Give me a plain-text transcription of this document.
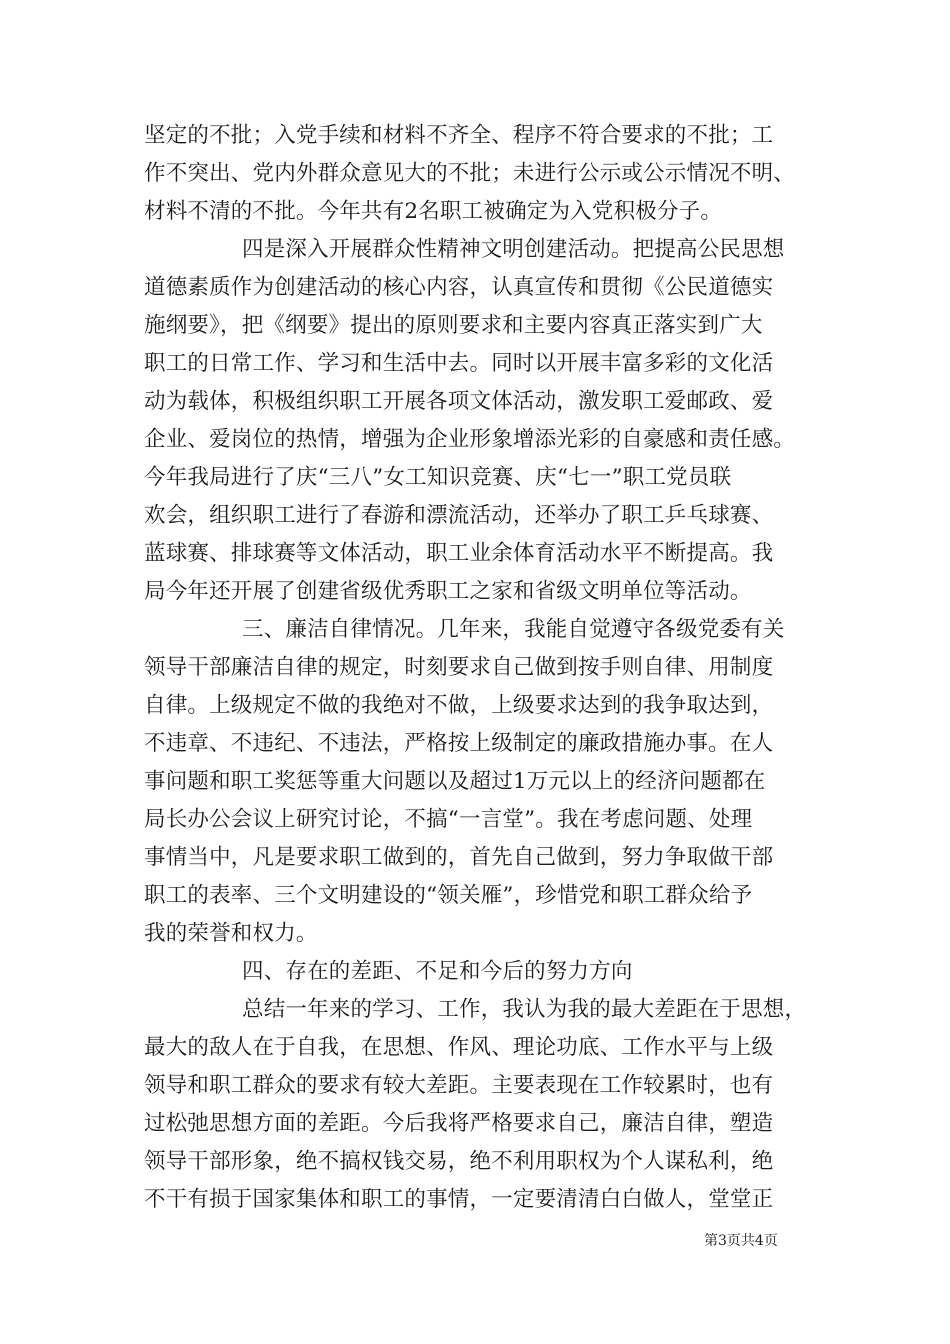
坚定的不批；入党手续和材料不齐全、程序不符合要求的不批；工
作不突出、党内外群众意见大的不批；未进行公示或公示情况不明、
材料不清的不批。今年共有2名职工被确定为入党积极分子。
四是深入开展群众性精神文明创建活动。把提高公民思想
道德素质作为创建活动的核心内容，认真宣传和贯彻《公民道德实
施纲要》，把《纲要》提出的原则要求和主要内容真正落实到广大
职工的日常工作、学习和生活中去。同时以开展丰富多彩的文化活
动为载体，积极组织职工开展各项文体活动，激发职工爱邮政、爱
企业、爱岗位的热情，增强为企业形象增添光彩的自豪感和责任感。
今年我局进行了庆“三八”女工知识竞赛、庆“七一”职工党员联
欢会，组织职工进行了春游和漂流活动，还举办了职工乒乓球赛、
蓝球赛、排球赛等文体活动，职工业余体育活动水平不断提高。我
局今年还开展了创建省级优秀职工之家和省级文明单位等活动。
三、廉洁自律情况。几年来，我能自觉遵守各级党委有关
领导干部廉洁自律的规定，时刻要求自己做到按手则自律、用制度
自律。上级规定不做的我绝对不做，上级要求达到的我争取达到，
不违章、不违纪、不违法，严格按上级制定的廉政措施办事。在人
事问题和职工奖惩等重大问题以及超过1万元以上的经济问题都在
局长办公会议上研究讨论，不搞“一言堂”。我在考虑问题、处理
事情当中，凡是要求职工做到的，首先自己做到，努力争取做干部
职工的表率、三个文明建设的“领关雁”，珍惜党和职工群众给予
我的荣誉和权力。
四、存在的差距、不足和今后的努力方向
总结一年来的学习、工作，我认为我的最大差距在于思想，
最大的敌人在于自我，在思想、作风、理论功底、工作水平与上级
领导和职工群众的要求有较大差距。主要表现在工作较累时，也有
过松弛思想方面的差距。今后我将严格要求自己，廉洁自律，塑造
领导干部形象，绝不搞权钱交易，绝不利用职权为个人谋私利，绝
不干有损于国家集体和职工的事情，一定要清清白白做人，堂堂正
第3页共4页
